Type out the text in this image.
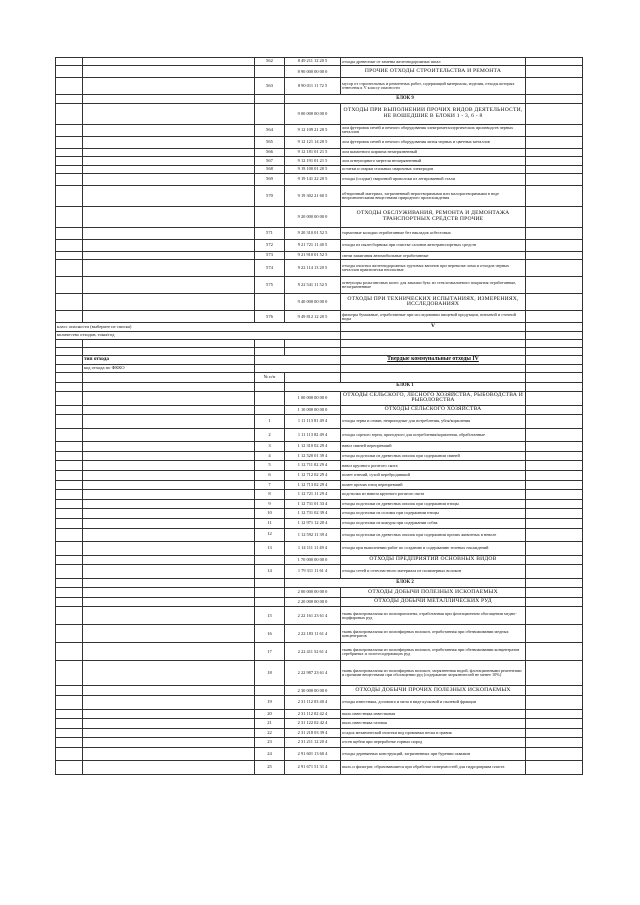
		562	8 49 211 12 20 5	отходы древесные от замены железнодорожных шпал	
			8 90 000 00 00 0	ПРОЧИЕ ОТХОДЫ СТРОИТЕЛЬСТВА И РЕМОНТА	
		563	8 90 011 11 72 5	мусор от строительных и ремонтных работ, содержащий материалы, изделия, отходы которых отнесены к V классу опасности	
			БЛОК 9		
			9 00 000 00 00 0	ОТХОДЫ ПРИ ВЫПОЛНЕНИИ ПРОЧИХ ВИДОВ ДЕЯТЕЛЬНОСТИ, НЕ ВОШЕДШИЕ В БЛОКИ 1 - 3, 6 - 8	
		564	9 12 109 21 20 5	лом футеровок печей и печного оборудования электрометаллургических производств черных металлов	
		565	9 12 121 14 20 5	лом футеровок печей и печного оборудования литья черных и цветных металлов	
		566	9 12 181 01 21 5	лом шамотного кирпича незагрязненный	
		567	9 12 191 01 21 5	лом огнеупорного мертеля незагрязненный	
		568	9 19 100 01 20 5	остатки и огарки стальных сварочных электродов	
		569	9 19 141 22 20 5	отходы (осадки) сварочной проволоки из легированной стали	
		570	9 19 302 21 60 5	обтирочный материал, загрязненный нерастворимыми или малорастворимыми в воде неорганическими веществами природного происхождения	
			9 20 000 00 00 0	ОТХОДЫ ОБСЛУЖИВАНИЯ, РЕМОНТА И ДЕМОНТАЖА ТРАНСПОРТНЫХ СРЕДСТВ ПРОЧИЕ	
		571	9 20 310 01 52 5	тормозные колодки отработанные без накладок асбестовых	
		572	9 21 721 11 40 5	отходы из пылесборника при очистке салонов автотранспортных средств	
		573	9 21 910 01 52 5	свечи зажигания автомобильные отработанные	
		574	9 22 114 13 20 5	отходы очистки железнодорожных грузовых вагонов при перевозке лома и отходов черных металлов практически неопасные	
		575	9 22 541 11 52 5	огнеупоры рольганговых колес для закалки букс из стеклоэмалиевого покрытия отработанные, незагрязненные	
			9 40 000 00 00 0	ОТХОДЫ ПРИ ТЕХНИЧЕСКИХ ИСПЫТАНИЯХ, ИЗМЕРЕНИЯХ, ИССЛЕДОВАНИЯХ	
		576	9 49 812 12 20 5	фильтры бумажные, отработанные при исследовании пищевой продукции, питьевой и сточной воды	
класс опасности (выберите из списка)				V	
количество отходов, тонн/год					

	тип отхода			Твердые коммунальные отходы IV	
	код отхода по ФККО				
		№ п/п			
			БЛОК 1		
			1 00 000 00 00 0	ОТХОДЫ СЕЛЬСКОГО, ЛЕСНОГО ХОЗЯЙСТВА, РЫБОВОДСТВА И РЫБОЛОВСТВА	
			1 10 000 00 00 0	ОТХОДЫ СЕЛЬСКОГО ХОЗЯЙСТВА	
		1	1 11 113 81 49 4	отходы зерна и семян, непригодные для потребления, убоя/кормления	
		2	1 11 113 82 49 4	отходы сорного зерна, пригодного для потребления/кормления, обработанные	
		3	1 12 310 02 29 4	навоз свиней перепревший	
		4	1 12 520 01 39 4	отходы подстилки из древесных опилок при содержании свиней	
		5	1 12 711 02 29 4	навоз крупного рогатого скота	
		6	1 12 712 02 29 4	помет птичий, сухой перебродивший	
		7	1 12 713 02 29 4	помет прочих птиц перепревший	
		8	1 12 721 11 29 4	подстилка из навоза крупного рогатого скота	
		9	1 12 731 01 33 4	отходы подстилки из древесных опилок при содержании птицы	
		10	1 12 731 02 39 4	отходы подстилки из соломы при содержании птицы	
		11	1 12 971 12 20 4	отходы подстилки из кожуры при содержании собак	
		12	1 12 592 11 39 4	отходы подстилки из древесных опилок при содержании прочих животных в неволе	
		13	1 14 111 11 49 4	отходы при выполнении работ по созданию и содержанию зеленых насаждений	
			1 70 000 00 00 0	ОТХОДЫ ПРЕДПРИЯТИЙ ОСНОВНЫХ ВИДОВ	
		14	1 79 311 11 61 4	отходы сетей и сетеснастного материала из полимерных волокон	
			БЛОК 2		
			2 00 000 00 00 0	ОТХОДЫ ДОБЫЧИ ПОЛЕЗНЫХ ИСКОПАЕМЫХ	
			2 20 000 00 00 0	ОТХОДЫ ДОБЫЧИ МЕТАЛЛИЧЕСКИХ РУД	
		15	2 22 161 23 61 4	ткань фильтровальная из полипропилена, отработанная при флотационном обогащении медно-порфировых руд	
		16	2 22 183 11 61 4	ткань фильтровальная из полиэфирных волокон, отработанная при обезвоживании медных концентратов	
		17	2 22 411 52 61 4	ткань фильтровальная из полиэфирных волокон, отработанная при обезвоживании концентратов серебряных и золотосодержащих руд	
		18	2 22 987 23 61 4	ткань фильтровальная из полиэфирных волокон, загрязненная водой, флотационными реагентами и прочими веществами при обогащении руд (содержание загрязнителей не менее 10%)	
			2 30 000 00 00 0	ОТХОДЫ ДОБЫЧИ ПРОЧИХ ПОЛЕЗНЫХ ИСКОПАЕМЫХ	
		19	2 31 112 03 40 4	отходы известняка, доломита и мела в виде кусковой и пылевой фракции	
		20	2 31 112 02 42 4	пыль известняка известковая	
		21	2 31 122 02 42 4	пыль известняка газовая	
		22	2 31 218 03 39 4	осадок механической очистки вод промывки песка и гравия	
		23	2 31 211 12 20 4	отсев щебня при переработке горных пород	
		24	2 91 601 13 60 4	отходы деревянных конструкций, загрязненных при бурении скважин	
		25	2 91 671 51 31 4	пыль и фильтрат, образовавшиеся при обработке поверхностей для гидроразрыва пласта	
